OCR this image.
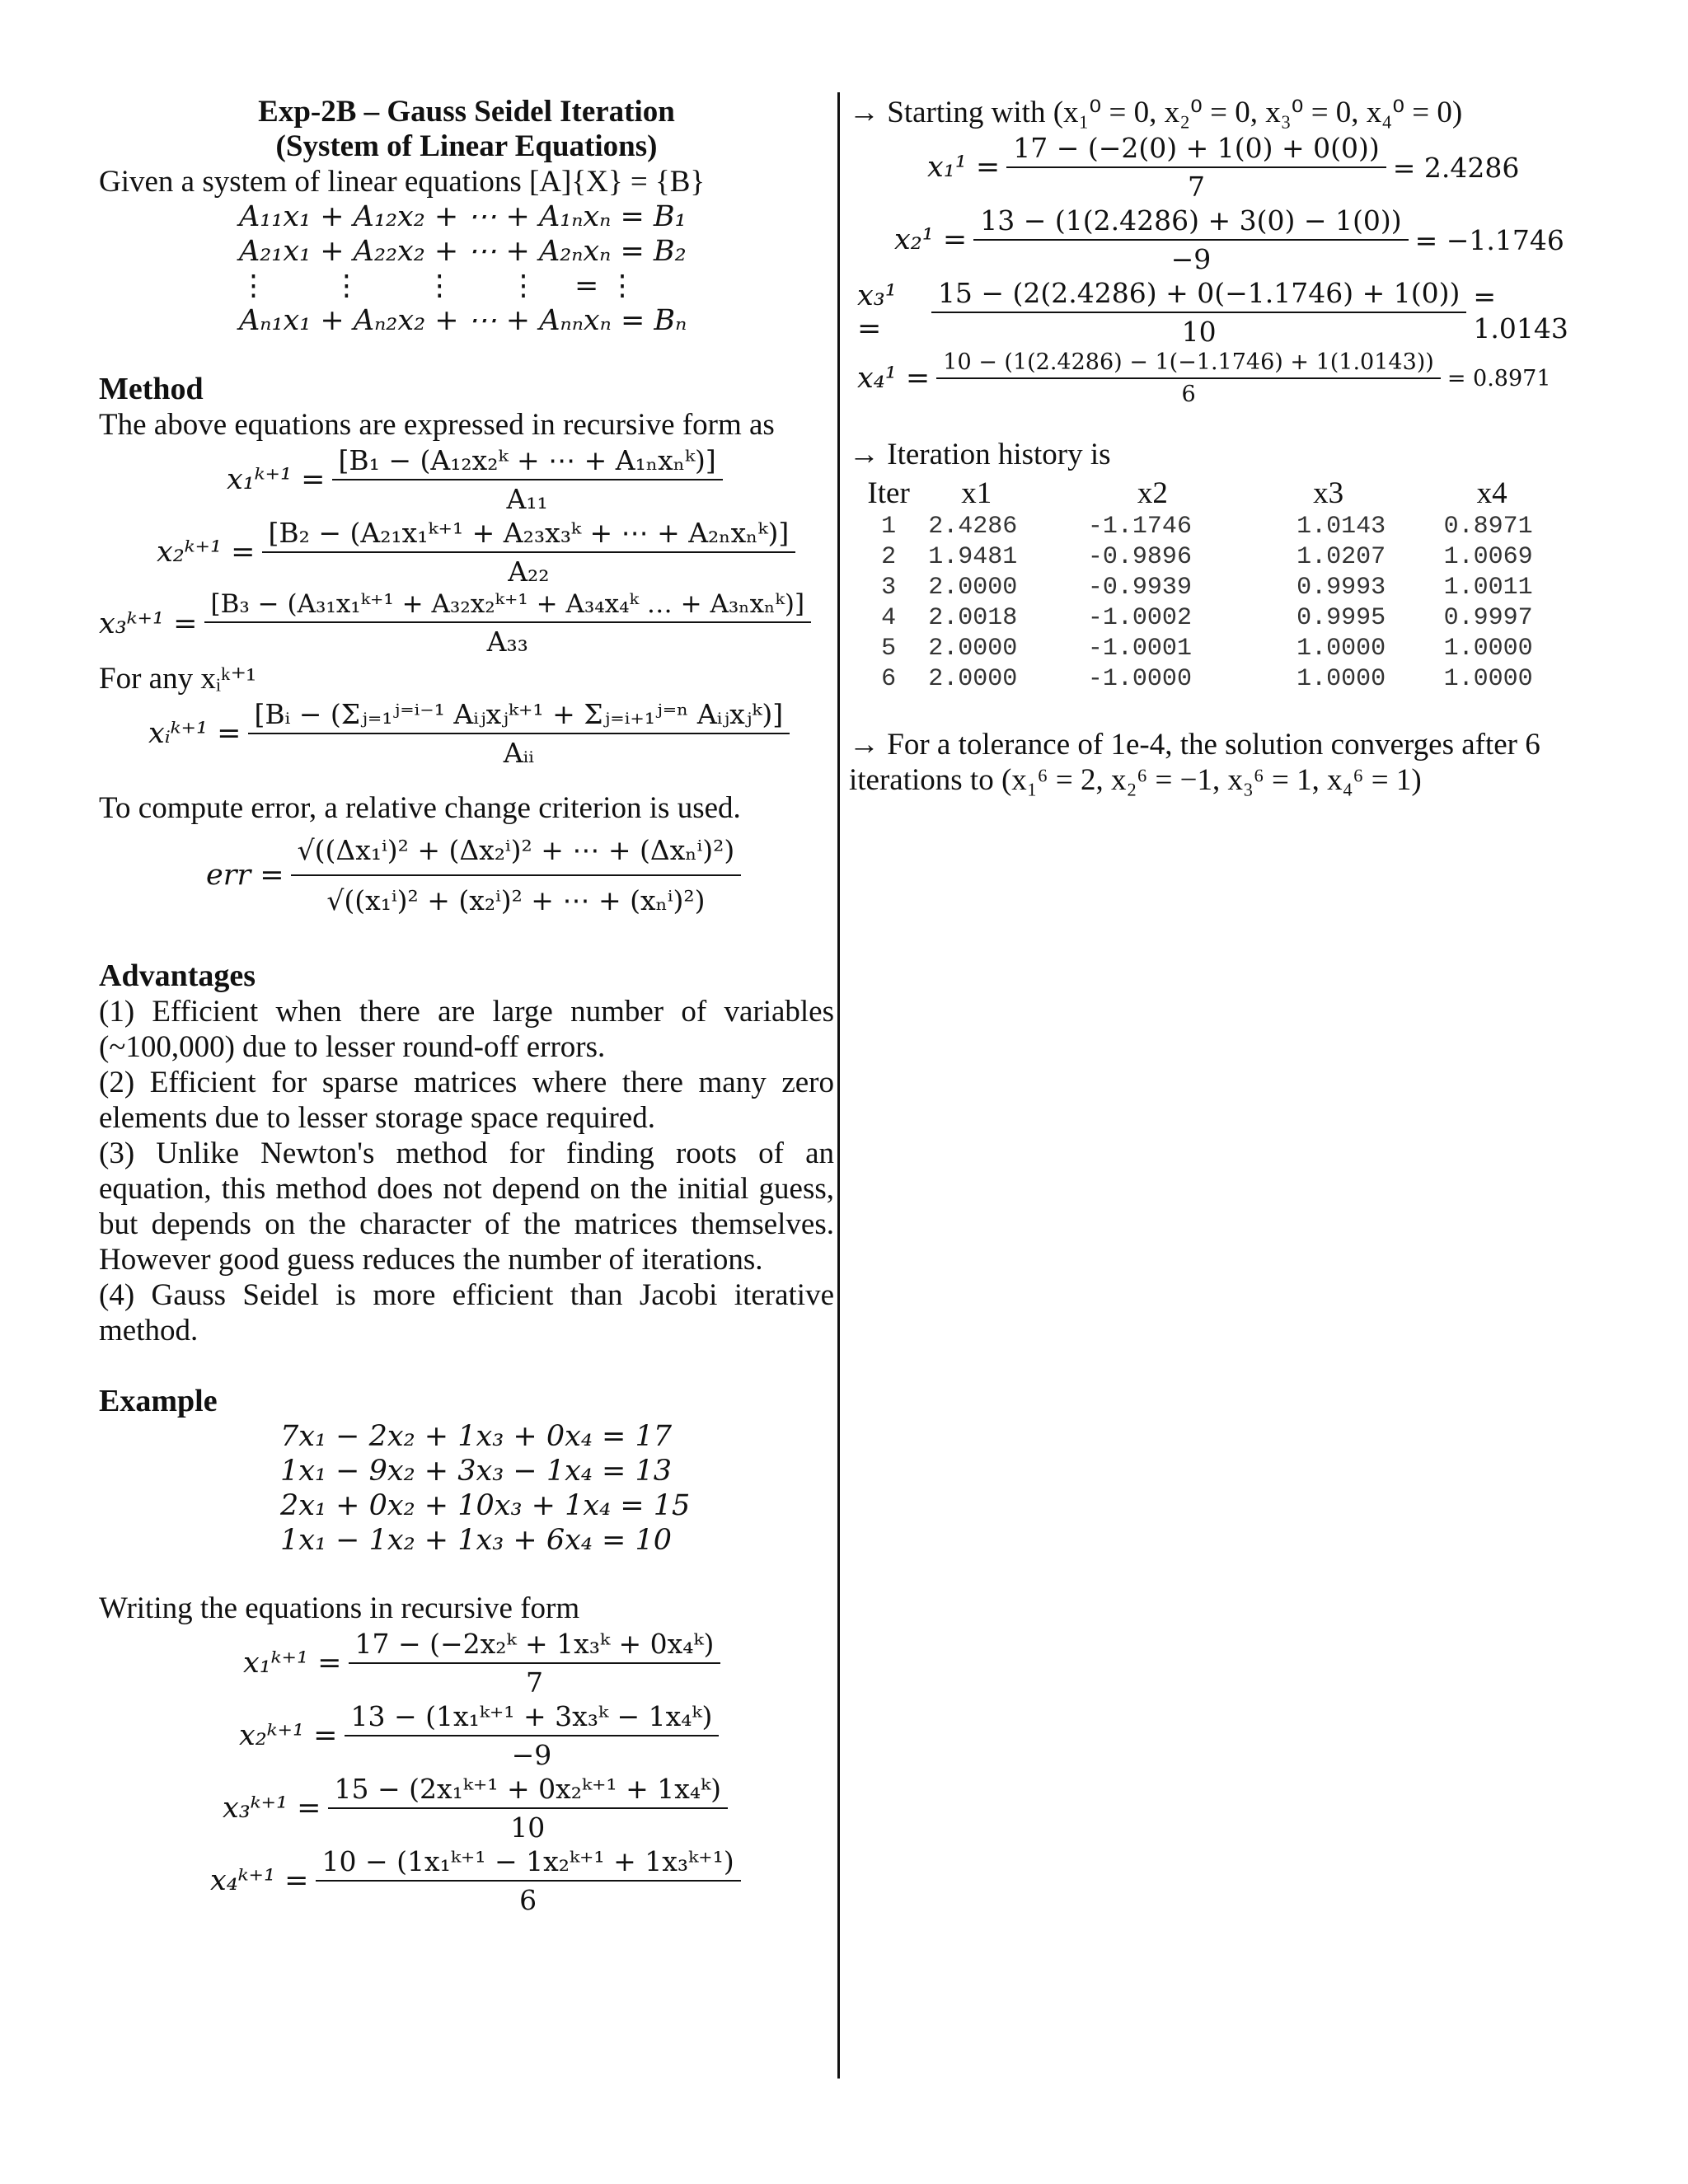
Exp-2B – Gauss Seidel Iteration
(System of Linear Equations)
Given a system of linear equations [A]{X} = {B}
A₁₁x₁ + A₁₂x₂ + ⋯ + A₁ₙxₙ = B₁
A₂₁x₁ + A₂₂x₂ + ⋯ + A₂ₙxₙ = B₂
⋮       ⋮       ⋮      ⋮    = ⋮
Aₙ₁x₁ + Aₙ₂x₂ + ⋯ + Aₙₙxₙ = Bₙ
Method
The above equations are expressed in recursive form as
x₁ᵏ⁺¹ = $\frac{\text{[B₁ − (A₁₂x₂ᵏ + ⋯ + A₁ₙxₙᵏ)]}}{\text{A₁₁}}$
x₂ᵏ⁺¹ = $\frac{\text{[B₂ − (A₂₁x₁ᵏ⁺¹ + A₂₃x₃ᵏ + ⋯ + A₂ₙxₙᵏ)]}}{\text{A₂₂}}$
x₃ᵏ⁺¹ = $\frac{\text{[B₃ − (A₃₁x₁ᵏ⁺¹ + A₃₂x₂ᵏ⁺¹ + A₃₄x₄ᵏ … + A₃ₙxₙᵏ)]}}{\text{A₃₃}}$
For any xᵢᵏ⁺¹
xᵢᵏ⁺¹ = $\frac{\text{[Bᵢ − (Σⱼ₌₁ʲ⁼ⁱ⁻¹ Aᵢⱼxⱼᵏ⁺¹ + Σⱼ₌ᵢ₊₁ʲ⁼ⁿ Aᵢⱼxⱼᵏ)]}}{\text{Aᵢᵢ}}$
To compute error, a relative change criterion is used.
err = $\frac{\text{√((Δx₁ⁱ)² + (Δx₂ⁱ)² + ⋯ + (Δxₙⁱ)²)}}{\text{√((x₁ⁱ)² + (x₂ⁱ)² + ⋯ + (xₙⁱ)²)}}$
Advantages
(1) Efficient when there are large number of variables (~100,000) due to lesser round-off errors.
(2) Efficient for sparse matrices where there many zero elements due to lesser storage space required.
(3) Unlike Newton's method for finding roots of an equation, this method does not depend on the initial guess, but depends on the character of the matrices themselves. However good guess reduces the number of iterations.
(4) Gauss Seidel is more efficient than Jacobi iterative method.
Example
7x₁ − 2x₂ + 1x₃ + 0x₄ = 17
1x₁ − 9x₂ + 3x₃ − 1x₄ = 13
2x₁ + 0x₂ + 10x₃ + 1x₄ = 15
1x₁ − 1x₂ + 1x₃ + 6x₄ = 10
Writing the equations in recursive form
x₁ᵏ⁺¹ = $\frac{\text{17 − (−2x₂ᵏ + 1x₃ᵏ + 0x₄ᵏ)}}{7}$
x₂ᵏ⁺¹ = $\frac{\text{13 − (1x₁ᵏ⁺¹ + 3x₃ᵏ − 1x₄ᵏ)}}{-9}$
x₃ᵏ⁺¹ = $\frac{\text{15 − (2x₁ᵏ⁺¹ + 0x₂ᵏ⁺¹ + 1x₄ᵏ)}}{10}$
x₄ᵏ⁺¹ = $\frac{\text{10 − (1x₁ᵏ⁺¹ − 1x₂ᵏ⁺¹ + 1x₃ᵏ⁺¹)}}{6}$
→ Starting with (x₁⁰ = 0, x₂⁰ = 0, x₃⁰ = 0, x₄⁰ = 0)
$x_1^1 = \frac{17 - (-2(0) + 1(0) + 0(0))}{7} = 2.4286$
$x_2^1 = \frac{13 - (1(2.4286) + 3(0) - 1(0))}{-9} = -1.1746$
x₃¹ =	$\frac{15 - (2(2.4286) + 0(-1.1746) + 1(0))}{10} = 1.0143$
$x_4^1 = \frac{10 - (1(2.4286) - 1(-1.1746) + 1(1.0143))}{6} = 0.8971$
→ Iteration history is
Iter	x1	x2	x3	x4
1	2.4286	-1.1746	1.0143	0.8971
2	1.9481	-0.9896	1.0207	1.0069
3	2.0000	-0.9939	0.9993	1.0011
4	2.0018	-1.0002	0.9995	0.9997
5	2.0000	-1.0001	1.0000	1.0000
6	2.0000	-1.0000	1.0000	1.0000
→ For a tolerance of 1e-4, the solution converges after 6 iterations to (x₁⁶ = 2, x₂⁶ = −1, x₃⁶ = 1, x₄⁶ = 1)
